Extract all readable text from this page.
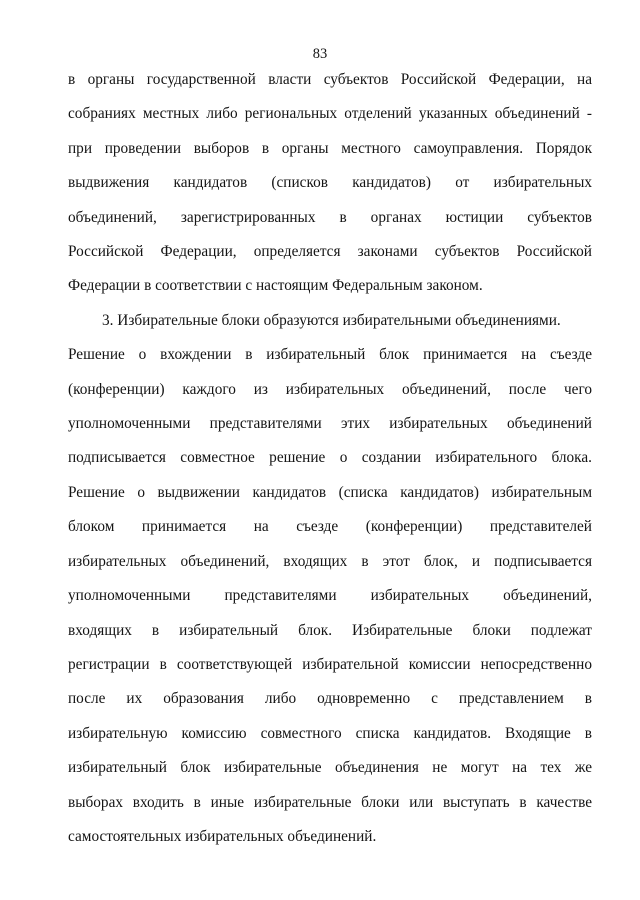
83

в органы государственной власти субъектов Российской Федерации, на

собраниях местных либо региональных отделений указанных объединений -

при проведении выборов в органы местного самоуправления. Порядок

выдвижения кандидатов (списков кандидатов) от избирательных

объединений, зарегистрированных в органах юстиции субъектов

Российской Федерации, определяется законами субъектов Российской

Федерации в соответствии с настоящим Федеральным законом.

3. Избирательные блоки образуются избирательными объединениями.

Решение о вхождении в избирательный блок принимается на съезде

(конференции) каждого из избирательных объединений, после чего

уполномоченными представителями этих избирательных объединений

подписывается совместное решение о создании избирательного блока.

Решение о выдвижении кандидатов (списка кандидатов) избирательным

блоком принимается на съезде (конференции) представителей

избирательных объединений, входящих в этот блок, и подписывается

уполномоченными представителями избирательных объединений,

входящих в избирательный блок. Избирательные блоки подлежат

регистрации в соответствующей избирательной комиссии непосредственно

после их образования либо одновременно с представлением в

избирательную комиссию совместного списка кандидатов. Входящие в

избирательный блок избирательные объединения не могут на тех же

выборах входить в иные избирательные блоки или выступать в качестве

самостоятельных избирательных объединений.
